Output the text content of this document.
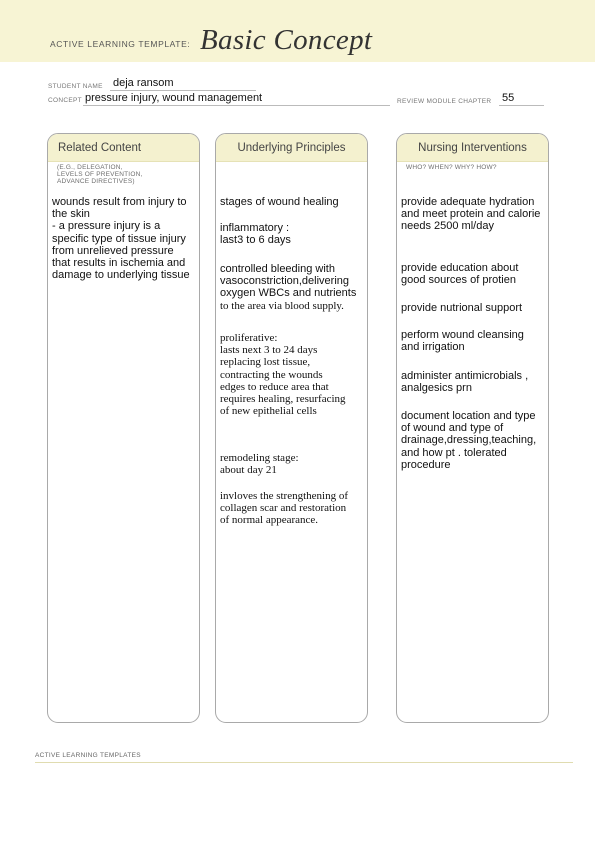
ACTIVE LEARNING TEMPLATE: Basic Concept
STUDENT NAME deja ransom
CONCEPT pressure injury, wound management	REVIEW MODULE CHAPTER 55
Related Content
(E.G., DELEGATION,
LEVELS OF PREVENTION,
ADVANCE DIRECTIVES)

wounds result from injury to the skin
- a pressure injury is a specific type of tissue injury from unrelieved pressure that results in ischemia and damage to underlying tissue

Underlying Principles

stages of wound healing

inflammatory :
last3 to 6 days

controlled bleeding with vasoconstriction,delivering oxygen WBCs and nutrients

to the area via blood supply.

proliferative:
lasts next 3 to 24 days
replacing lost tissue,
contracting the wounds
edges to reduce area that
requires healing, resurfacing
of new epithelial cells

remodeling stage:
about day 21

invloves the strengthening of
collagen scar and restoration
of normal appearance.

Nursing Interventions
WHO? WHEN? WHY? HOW?

provide adequate hydration and meet protein and calorie needs 2500 ml/day

provide education about good sources of protien

provide nutrional support

perform wound cleansing and irrigation

administer antimicrobials , analgesics prn

document location and type of wound and type of drainage,dressing,teaching, and how pt . tolerated procedure

ACTIVE LEARNING TEMPLATES
